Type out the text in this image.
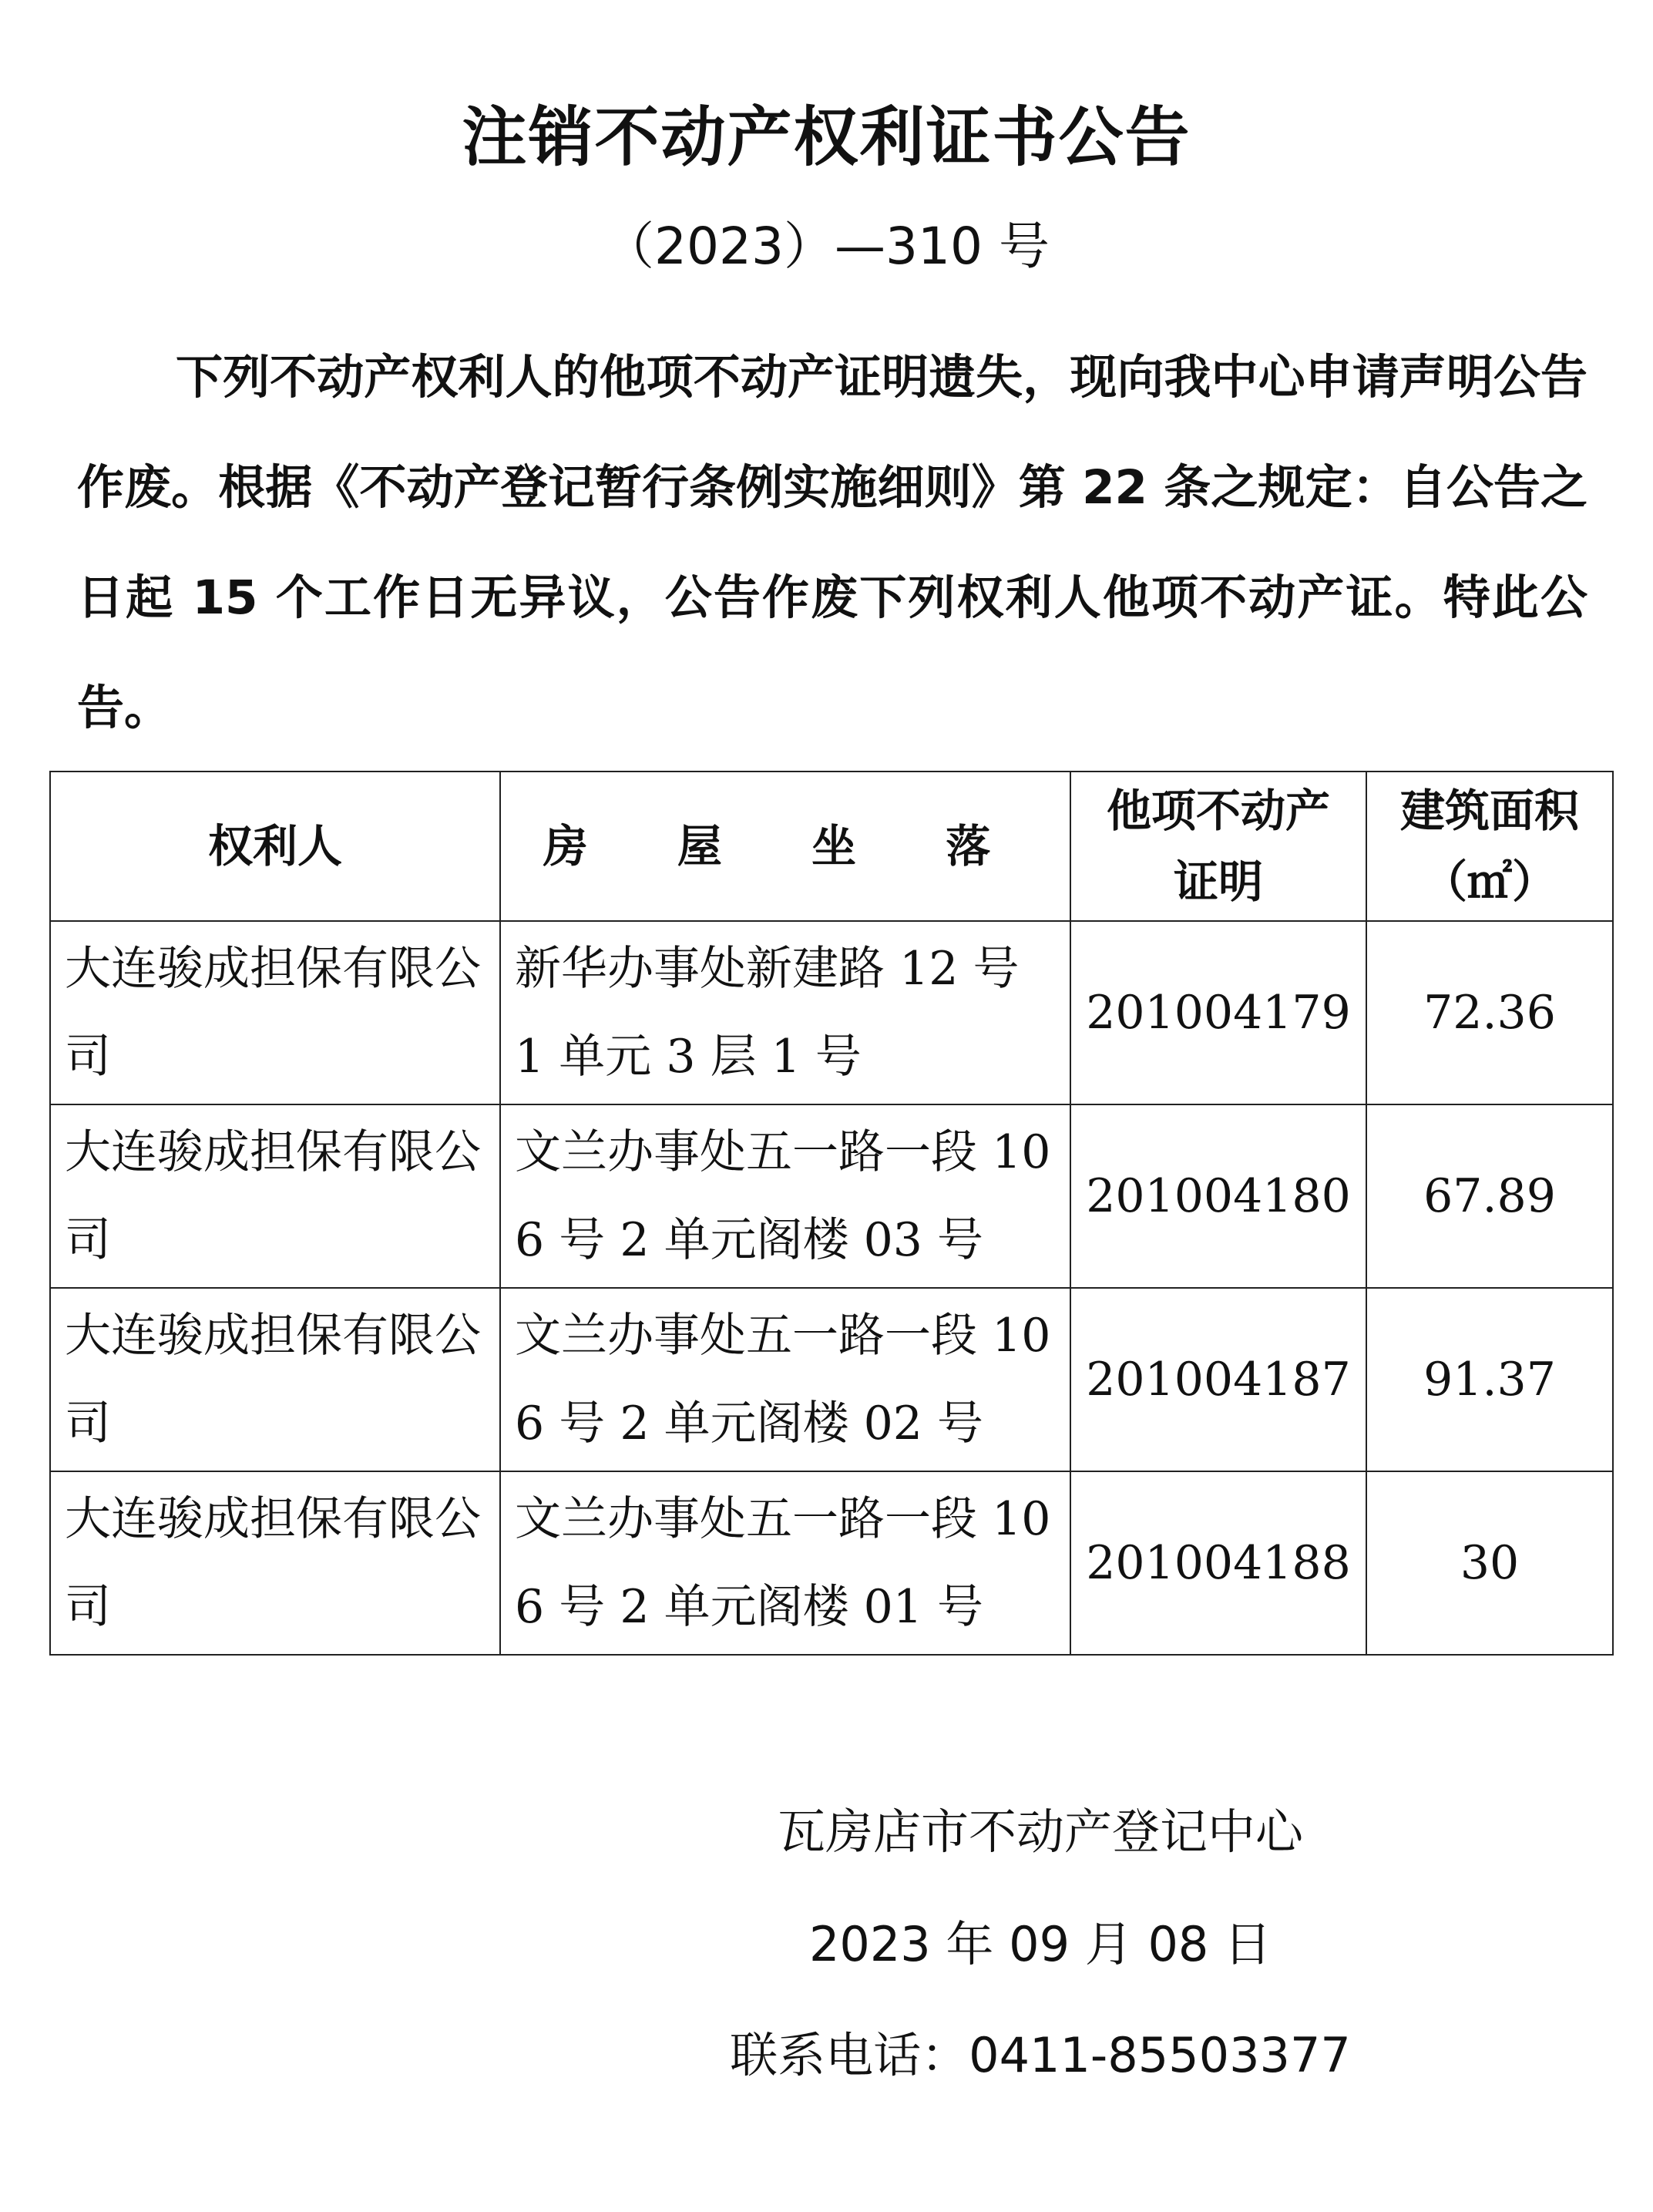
注销不动产权利证书公告
（2023）—310 号
下列不动产权利人的他项不动产证明遗失，现向我中心申请声明公告作废。根据《不动产登记暂行条例实施细则》第 22 条之规定：自公告之日起 15 个工作日无异议，公告作废下列权利人他项不动产证。特此公告。
权利人	房 屋 坐 落	他项不动产证明	建筑面积（㎡）
大连骏成担保有限公司	新华办事处新建路 12 号 1 单元 3 层 1 号	201004179	72.36
大连骏成担保有限公司	文兰办事处五一路一段 106 号 2 单元阁楼 03 号	201004180	67.89
大连骏成担保有限公司	文兰办事处五一路一段 106 号 2 单元阁楼 02 号	201004187	91.37
大连骏成担保有限公司	文兰办事处五一路一段 106 号 2 单元阁楼 01 号	201004188	30
瓦房店市不动产登记中心
2023 年 09 月 08 日
联系电话：0411-85503377
